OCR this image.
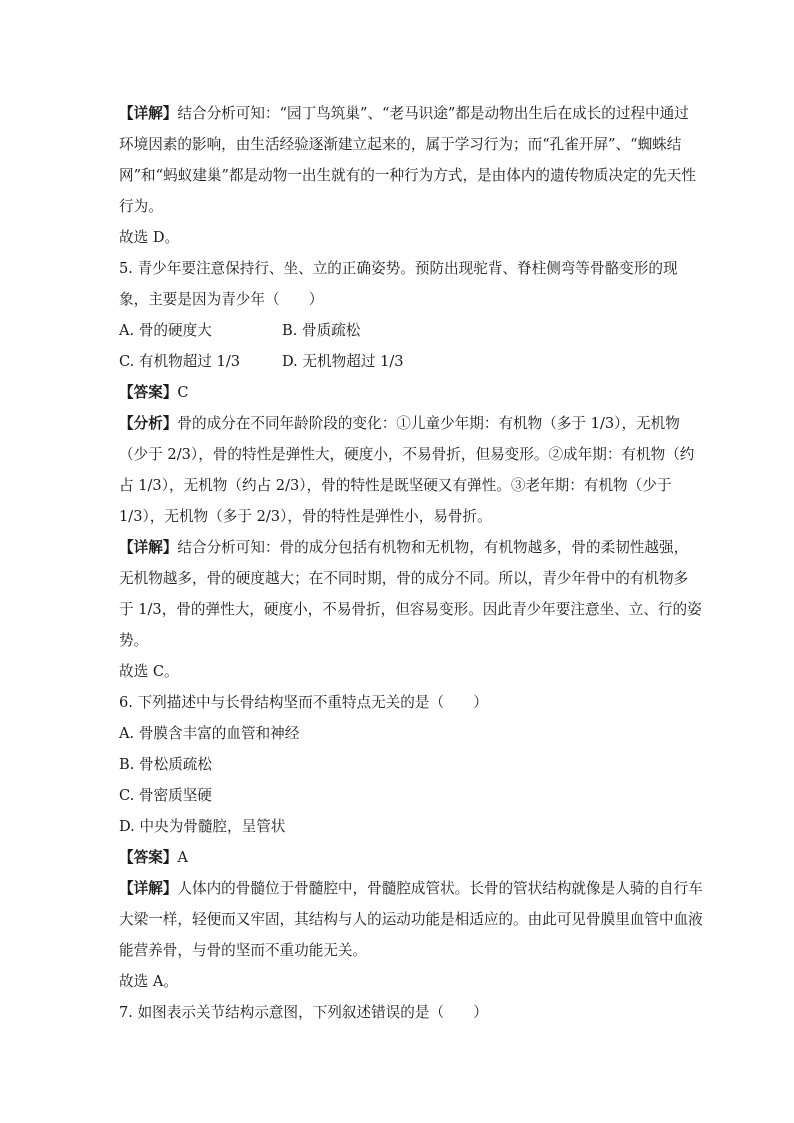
【详解】结合分析可知：“园丁鸟筑巢”、“老马识途”都是动物出生后在成长的过程中通过

环境因素的影响，由生活经验逐渐建立起来的，属于学习行为；而“孔雀开屏”、“蜘蛛结

网”和“蚂蚁建巢”都是动物一出生就有的一种行为方式，是由体内的遗传物质决定的先天性

行为。

故选 D。

5. 青少年要注意保持行、坐、立的正确姿势。预防出现驼背、脊柱侧弯等骨骼变形的现

象，主要是因为青少年（　　）

A. 骨的硬度大	B. 骨质疏松

C. 有机物超过 1/3	D. 无机物超过 1/3

【答案】C

【分析】骨的成分在不同年龄阶段的变化：①儿童少年期：有机物（多于 1/3），无机物

（少于 2/3），骨的特性是弹性大，硬度小，不易骨折，但易变形。②成年期：有机物（约

占 1/3），无机物（约占 2/3），骨的特性是既坚硬又有弹性。③老年期：有机物（少于

1/3），无机物（多于 2/3），骨的特性是弹性小，易骨折。

【详解】结合分析可知：骨的成分包括有机物和无机物，有机物越多，骨的柔韧性越强，

无机物越多，骨的硬度越大；在不同时期，骨的成分不同。所以，青少年骨中的有机物多

于 1/3，骨的弹性大，硬度小，不易骨折，但容易变形。因此青少年要注意坐、立、行的姿

势。

故选 C。

6. 下列描述中与长骨结构坚而不重特点无关的是（　　）

A. 骨膜含丰富的血管和神经

B. 骨松质疏松

C. 骨密质坚硬

D. 中央为骨髓腔，呈管状

【答案】A

【详解】人体内的骨髓位于骨髓腔中，骨髓腔成管状。长骨的管状结构就像是人骑的自行车

大梁一样，轻便而又牢固，其结构与人的运动功能是相适应的。由此可见骨膜里血管中血液

能营养骨，与骨的坚而不重功能无关。

故选 A。

7. 如图表示关节结构示意图，下列叙述错误的是（　　）
